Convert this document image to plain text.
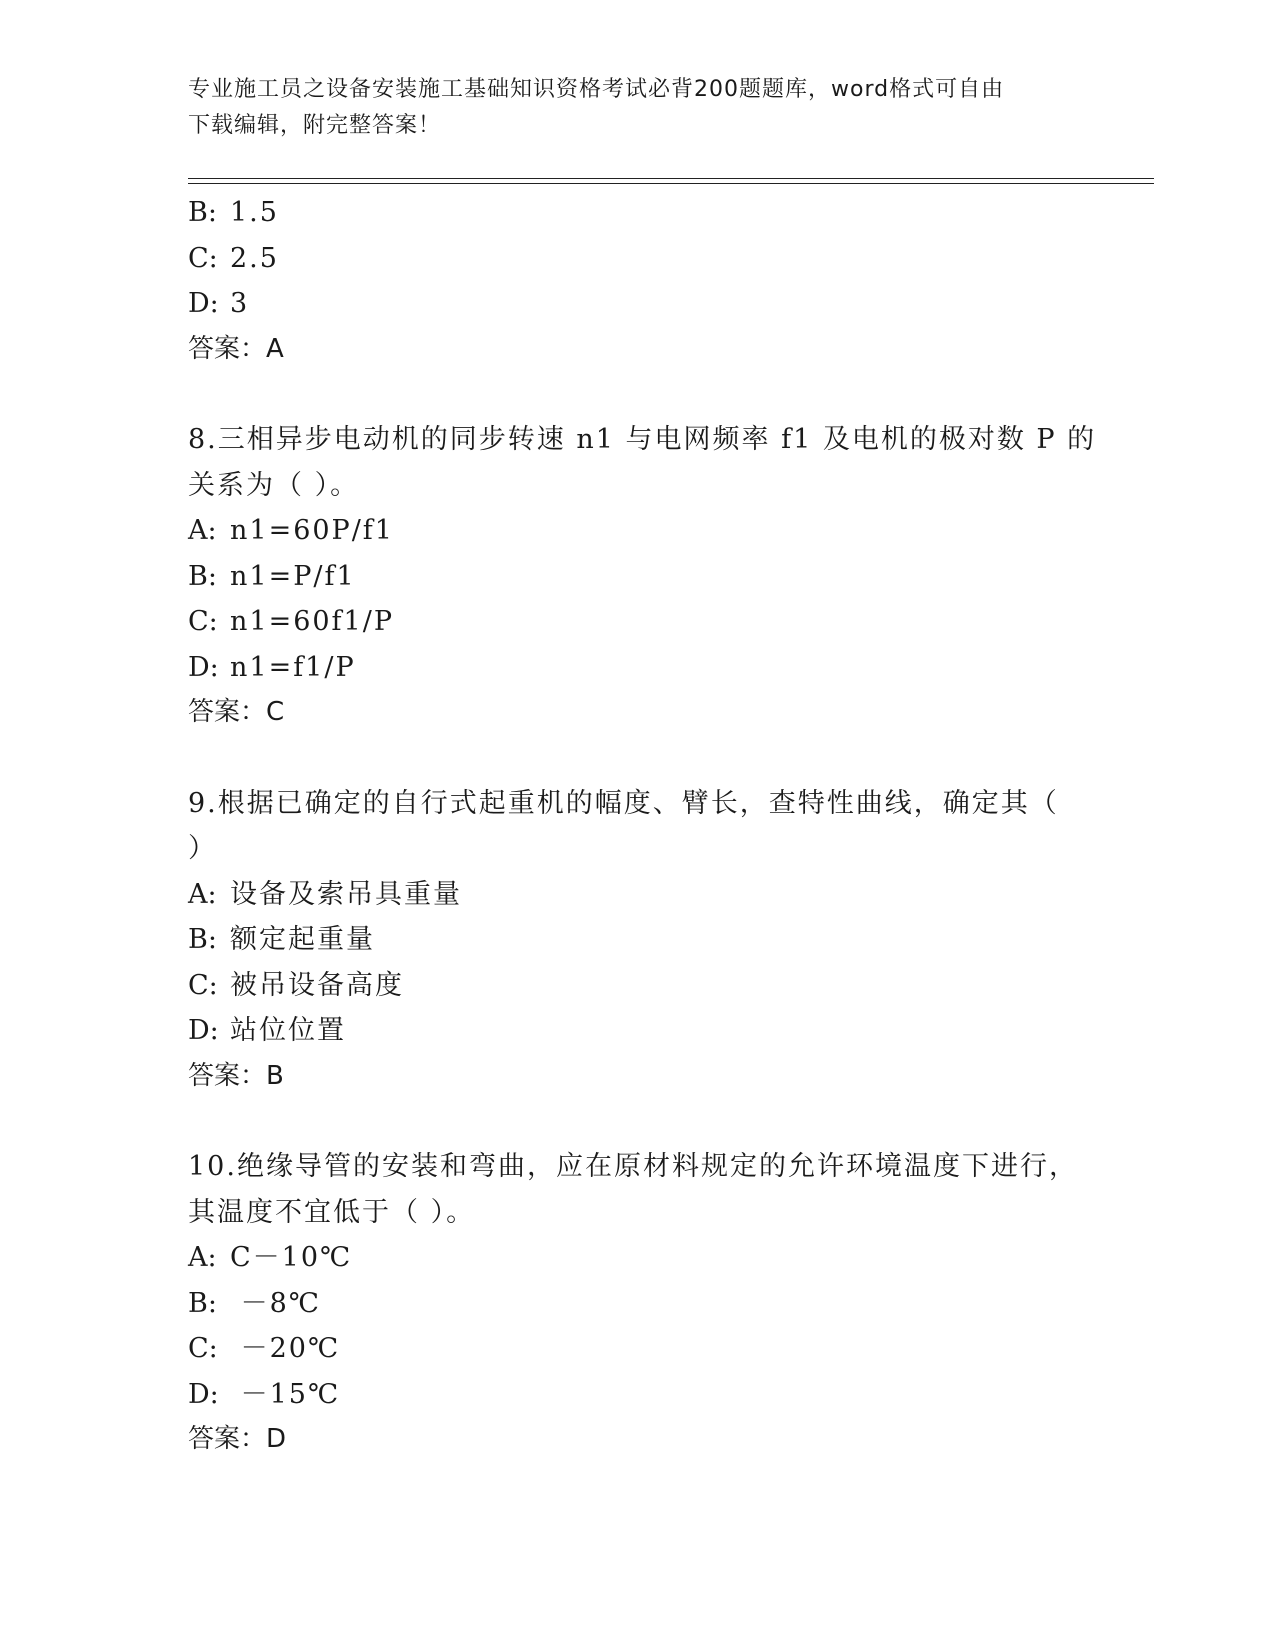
专业施工员之设备安装施工基础知识资格考试必背200题题库，word格式可自由
下载编辑，附完整答案！
B: 1.5
C: 2.5
D: 3
答案：A
8.三相异步电动机的同步转速 n1 与电网频率 f1 及电机的极对数 P 的
关系为（ ）。
A: n1=60P/f1
B: n1=P/f1
C: n1=60f1/P
D: n1=f1/P
答案：C
9.根据已确定的自行式起重机的幅度、臂长，查特性曲线，确定其（
）
A: 设备及索吊具重量
B: 额定起重量
C: 被吊设备高度
D: 站位位置
答案：B
10.绝缘导管的安装和弯曲，应在原材料规定的允许环境温度下进行，
其温度不宜低于（ ）。
A: C－10℃
B: －8℃
C: －20℃
D: －15℃
答案：D
